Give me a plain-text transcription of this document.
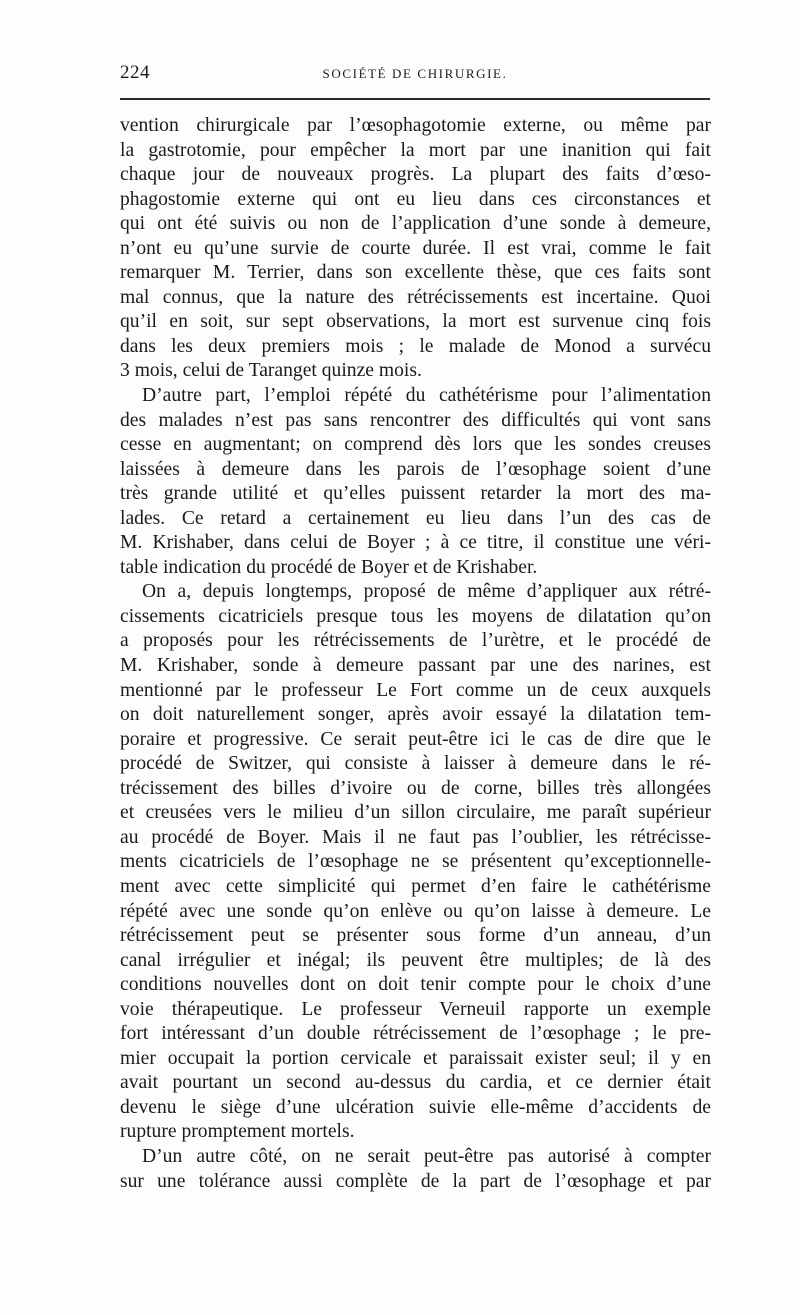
224	SOCIÉTÉ DE CHIRURGIE.
vention chirurgicale par l’œsophagotomie externe, ou même par
la gastrotomie, pour empêcher la mort par une inanition qui fait
chaque jour de nouveaux progrès. La plupart des faits d’œso-
phagostomie externe qui ont eu lieu dans ces circonstances et
qui ont été suivis ou non de l’application d’une sonde à demeure,
n’ont eu qu’une survie de courte durée. Il est vrai, comme le fait
remarquer M. Terrier, dans son excellente thèse, que ces faits sont
mal connus, que la nature des rétrécissements est incertaine. Quoi
qu’il en soit, sur sept observations, la mort est survenue cinq fois
dans les deux premiers mois ; le malade de Monod a survécu
3 mois, celui de Taranget quinze mois.
D’autre part, l’emploi répété du cathétérisme pour l’alimentation
des malades n’est pas sans rencontrer des difficultés qui vont sans
cesse en augmentant; on comprend dès lors que les sondes creuses
laissées à demeure dans les parois de l’œsophage soient d’une
très grande utilité et qu’elles puissent retarder la mort des ma-
lades. Ce retard a certainement eu lieu dans l’un des cas de
M. Krishaber, dans celui de Boyer ; à ce titre, il constitue une véri-
table indication du procédé de Boyer et de Krishaber.
On a, depuis longtemps, proposé de même d’appliquer aux rétré-
cissements cicatriciels presque tous les moyens de dilatation qu’on
a proposés pour les rétrécissements de l’urètre, et le procédé de
M. Krishaber, sonde à demeure passant par une des narines, est
mentionné par le professeur Le Fort comme un de ceux auxquels
on doit naturellement songer, après avoir essayé la dilatation tem-
poraire et progressive. Ce serait peut-être ici le cas de dire que le
procédé de Switzer, qui consiste à laisser à demeure dans le ré-
trécissement des billes d’ivoire ou de corne, billes très allongées
et creusées vers le milieu d’un sillon circulaire, me paraît supérieur
au procédé de Boyer. Mais il ne faut pas l’oublier, les rétrécisse-
ments cicatriciels de l’œsophage ne se présentent qu’exceptionnelle-
ment avec cette simplicité qui permet d’en faire le cathétérisme
répété avec une sonde qu’on enlève ou qu’on laisse à demeure. Le
rétrécissement peut se présenter sous forme d’un anneau, d’un
canal irrégulier et inégal; ils peuvent être multiples; de là des
conditions nouvelles dont on doit tenir compte pour le choix d’une
voie thérapeutique. Le professeur Verneuil rapporte un exemple
fort intéressant d’un double rétrécissement de l’œsophage ; le pre-
mier occupait la portion cervicale et paraissait exister seul; il y en
avait pourtant un second au-dessus du cardia, et ce dernier était
devenu le siège d’une ulcération suivie elle-même d’accidents de
rupture promptement mortels.
D’un autre côté, on ne serait peut-être pas autorisé à compter
sur une tolérance aussi complète de la part de l’œsophage et par
